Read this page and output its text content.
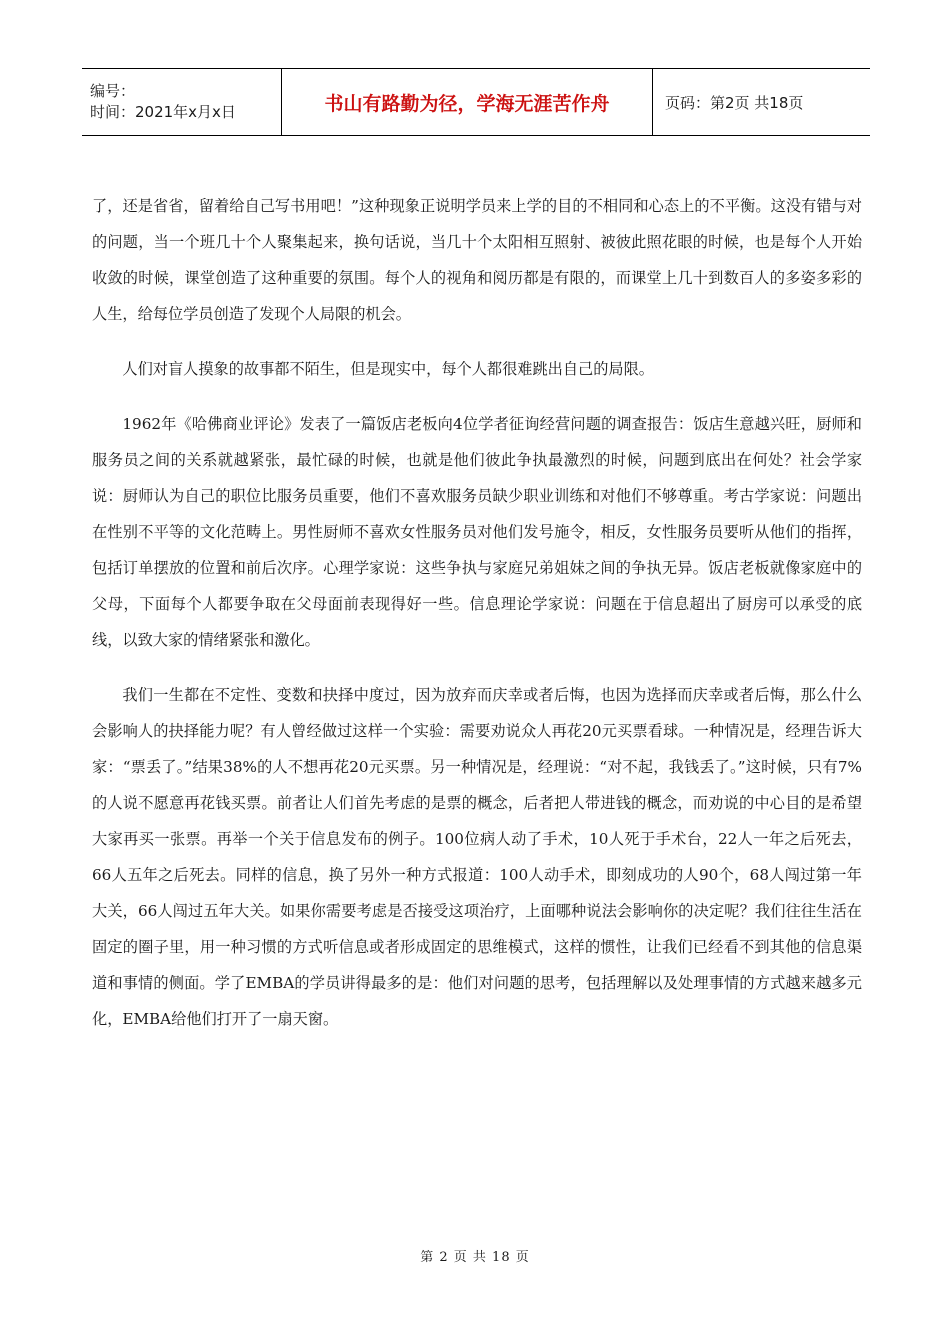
编号：
时间：2021年x月x日	书山有路勤为径，学海无涯苦作舟	页码：第2页 共18页

了，还是省省，留着给自己写书用吧！”这种现象正说明学员来上学的目的不相同和心态上的不平衡。这没有错与对的问题，当一个班几十个人聚集起来，换句话说，当几十个太阳相互照射、被彼此照花眼的时候，也是每个人开始收敛的时候，课堂创造了这种重要的氛围。每个人的视角和阅历都是有限的，而课堂上几十到数百人的多姿多彩的人生，给每位学员创造了发现个人局限的机会。

人们对盲人摸象的故事都不陌生，但是现实中，每个人都很难跳出自己的局限。

1962年《哈佛商业评论》发表了一篇饭店老板向4位学者征询经营问题的调查报告：饭店生意越兴旺，厨师和服务员之间的关系就越紧张，最忙碌的时候，也就是他们彼此争执最激烈的时候，问题到底出在何处？社会学家说：厨师认为自己的职位比服务员重要，他们不喜欢服务员缺少职业训练和对他们不够尊重。考古学家说：问题出在性别不平等的文化范畴上。男性厨师不喜欢女性服务员对他们发号施令，相反，女性服务员要听从他们的指挥，包括订单摆放的位置和前后次序。心理学家说：这些争执与家庭兄弟姐妹之间的争执无异。饭店老板就像家庭中的父母，下面每个人都要争取在父母面前表现得好一些。信息理论学家说：问题在于信息超出了厨房可以承受的底线，以致大家的情绪紧张和激化。

我们一生都在不定性、变数和抉择中度过，因为放弃而庆幸或者后悔，也因为选择而庆幸或者后悔，那么什么会影响人的抉择能力呢？有人曾经做过这样一个实验：需要劝说众人再花20元买票看球。一种情况是，经理告诉大家：“票丢了。”结果38%的人不想再花20元买票。另一种情况是，经理说：“对不起，我钱丢了。”这时候，只有7%的人说不愿意再花钱买票。前者让人们首先考虑的是票的概念，后者把人带进钱的概念，而劝说的中心目的是希望大家再买一张票。再举一个关于信息发布的例子。100位病人动了手术，10人死于手术台，22人一年之后死去，66人五年之后死去。同样的信息，换了另外一种方式报道：100人动手术，即刻成功的人90个，68人闯过第一年大关，66人闯过五年大关。如果你需要考虑是否接受这项治疗，上面哪种说法会影响你的决定呢？我们往往生活在固定的圈子里，用一种习惯的方式听信息或者形成固定的思维模式，这样的惯性，让我们已经看不到其他的信息渠道和事情的侧面。学了EMBA的学员讲得最多的是：他们对问题的思考，包括理解以及处理事情的方式越来越多元化，EMBA给他们打开了一扇天窗。

第 2 页 共 18 页
